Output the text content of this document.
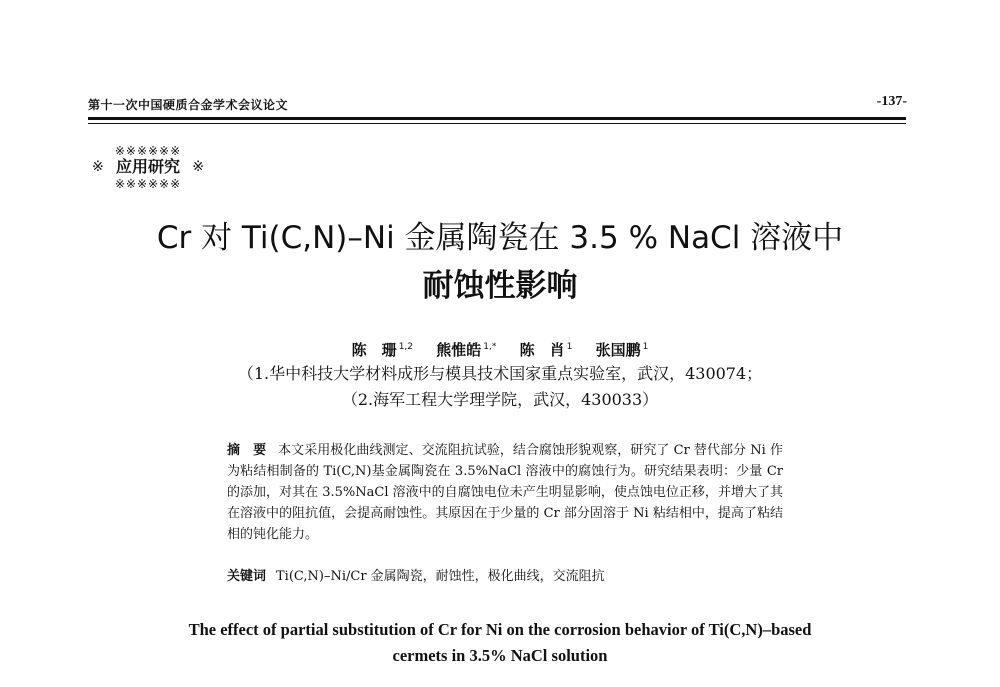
第十一次中国硬质合金学术会议论文	-137-
※※※※※※
※ 应用研究 ※
※※※※※※
Cr 对 Ti(C,N)–Ni 金属陶瓷在 3.5 % NaCl 溶液中
耐蚀性影响
陈　珊 $^{1,2}$ 熊惟皓 $^{1,*}$ 陈　肖 $^1$ 张国鹏 $^1$
（1.华中科技大学材料成形与模具技术国家重点实验室，武汉，430074；
（2.海军工程大学理学院，武汉，430033）
摘　要 本文采用极化曲线测定、交流阻抗试验，结合腐蚀形貌观察，研究了 Cr 替代部分 Ni 作为粘结相制备的 Ti(C,N)基金属陶瓷在 3.5%NaCl 溶液中的腐蚀行为。研究结果表明：少量 Cr 的添加，对其在 3.5%NaCl 溶液中的自腐蚀电位未产生明显影响，使点蚀电位正移，并增大了其在溶液中的阻抗值，会提高耐蚀性。其原因在于少量的 Cr 部分固溶于 Ni 粘结相中，提高了粘结相的钝化能力。
关键词 Ti(C,N)–Ni/Cr 金属陶瓷，耐蚀性，极化曲线，交流阻抗
The effect of partial substitution of Cr for Ni on the corrosion behavior of Ti(C,N)–based
cermets in 3.5% NaCl solution
